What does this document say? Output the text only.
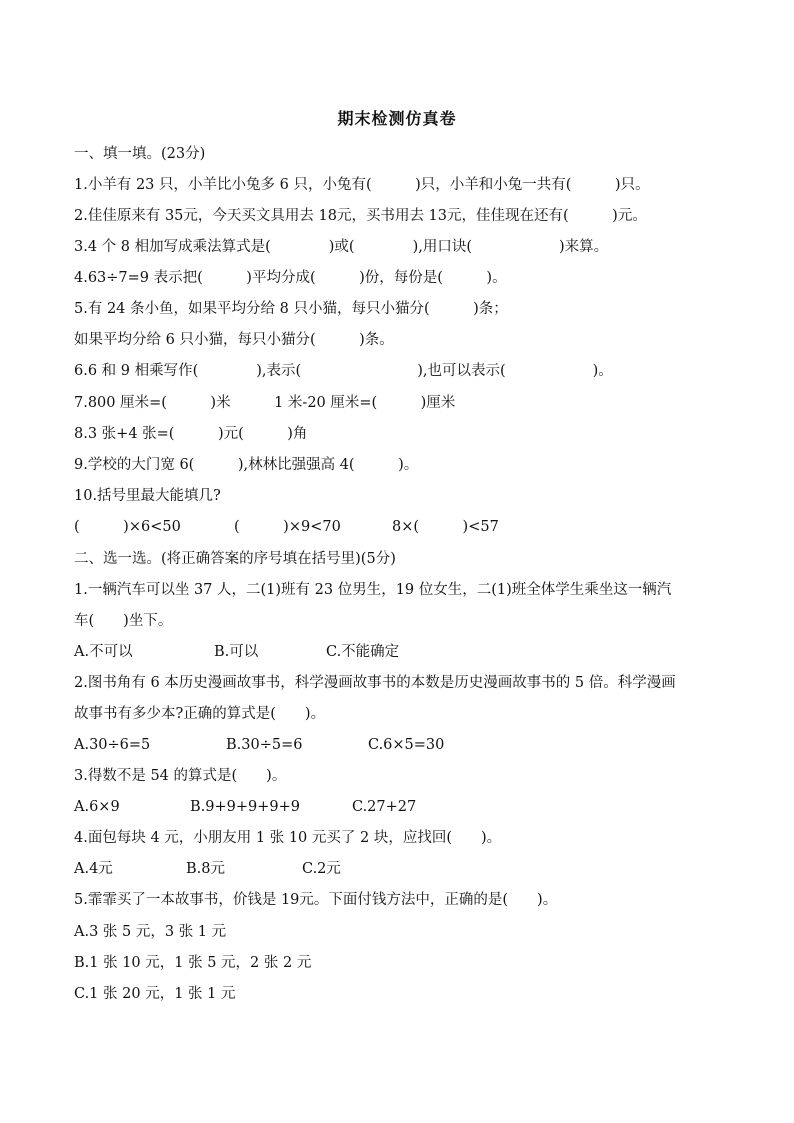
期末检测仿真卷
一、填一填。(23分)
1.小羊有 23 只，小羊比小兔多 6 只，小兔有(　　　)只，小羊和小兔一共有(　　　)只。
2.佳佳原来有 35元，今天买文具用去 18元，买书用去 13元，佳佳现在还有(　　　)元。
3.4 个 8 相加写成乘法算式是(　　　　)或(　　　　),用口诀(　　　　　　)来算。
4.63÷7=9 表示把(　　　)平均分成(　　　)份，每份是(　　　)。
5.有 24 条小鱼，如果平均分给 8 只小猫，每只小猫分(　　　)条；
如果平均分给 6 只小猫，每只小猫分(　　　)条。
6.6 和 9 相乘写作(　　　　),表示(　　　　　　　　),也可以表示(　　　　　　)。
7.800 厘米=(　　　)米　　　1 米-20 厘米=(　　　)厘米
8.3 张+4 张=(　　　)元(　　　)角
9.学校的大门宽 6(　　　),林林比强强高 4(　　　)。
10.括号里最大能填几?
(　　　)×6<50	(　　　)×9<70	8×(　　　)<57
二、选一选。(将正确答案的序号填在括号里)(5分)
1.一辆汽车可以坐 37 人，二(1)班有 23 位男生，19 位女生，二(1)班全体学生乘坐这一辆汽
车(　　)坐下。
A.不可以	B.可以	C.不能确定
2.图书角有 6 本历史漫画故事书，科学漫画故事书的本数是历史漫画故事书的 5 倍。科学漫画
故事书有多少本?正确的算式是(　　)。
A.30÷6=5	B.30÷5=6	C.6×5=30
3.得数不是 54 的算式是(　　)。
A.6×9	B.9+9+9+9+9	C.27+27
4.面包每块 4 元，小朋友用 1 张 10 元买了 2 块，应找回(　　)。
A.4元	B.8元	C.2元
5.霏霏买了一本故事书，价钱是 19元。下面付钱方法中，正确的是(　　)。
A.3 张 5 元，3 张 1 元
B.1 张 10 元，1 张 5 元，2 张 2 元
C.1 张 20 元，1 张 1 元
